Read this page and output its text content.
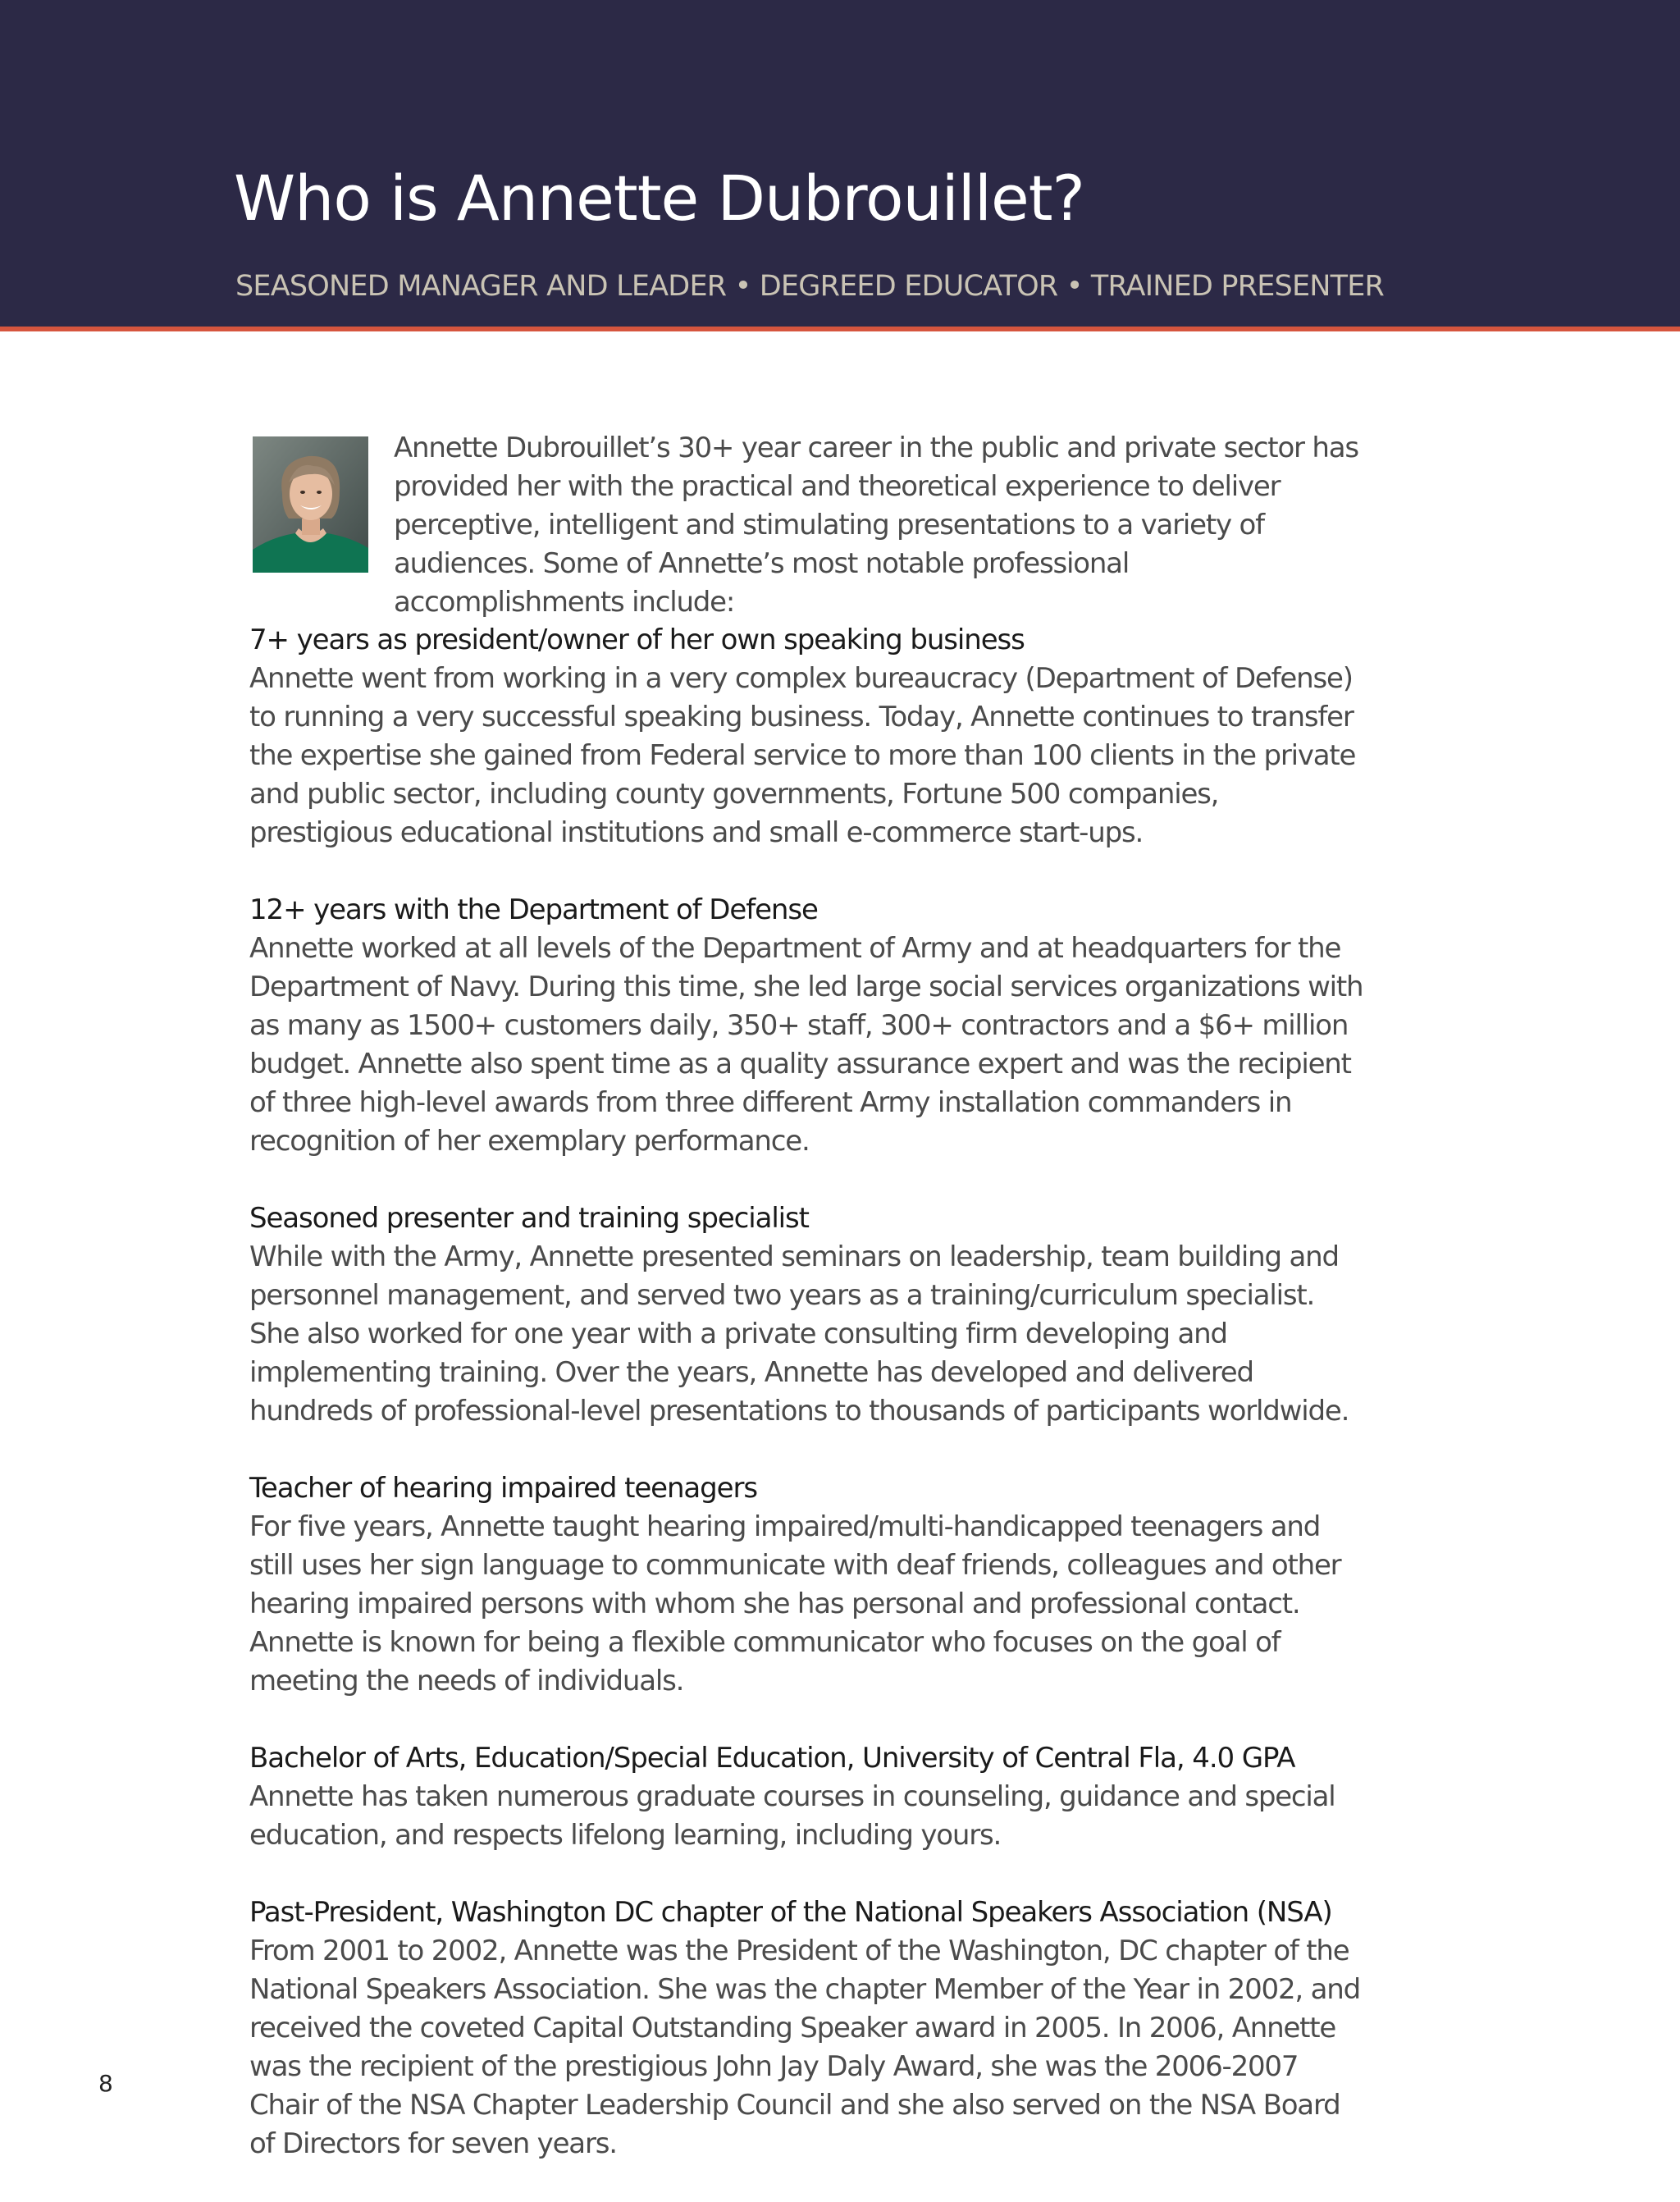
Who is Annette Dubrouillet?

SEASONED MANAGER AND LEADER • DEGREED EDUCATOR • TRAINED PRESENTER

Annette Dubrouillet’s 30+ year career in the public and private sector has provided her with the practical and theoretical experience to deliver perceptive, intelligent and stimulating presentations to a variety of audiences. Some of Annette’s most notable professional accomplishments include:

7+ years as president/owner of her own speaking business

Annette went from working in a very complex bureaucracy (Department of Defense) to running a very successful speaking business. Today, Annette continues to transfer the expertise she gained from Federal service to more than 100 clients in the private and public sector, including county governments, Fortune 500 companies, prestigious educational institutions and small e-commerce start-ups.

12+ years with the Department of Defense

Annette worked at all levels of the Department of Army and at headquarters for the Department of Navy. During this time, she led large social services organizations with as many as 1500+ customers daily, 350+ staff, 300+ contractors and a $6+ million budget. Annette also spent time as a quality assurance expert and was the recipient of three high-level awards from three different Army installation commanders in recognition of her exemplary performance.

Seasoned presenter and training specialist

While with the Army, Annette presented seminars on leadership, team building and personnel management, and served two years as a training/curriculum specialist. She also worked for one year with a private consulting firm developing and implementing training. Over the years, Annette has developed and delivered hundreds of professional-level presentations to thousands of participants worldwide.

Teacher of hearing impaired teenagers

For five years, Annette taught hearing impaired/multi-handicapped teenagers and still uses her sign language to communicate with deaf friends, colleagues and other hearing impaired persons with whom she has personal and professional contact. Annette is known for being a flexible communicator who focuses on the goal of meeting the needs of individuals.

Bachelor of Arts, Education/Special Education, University of Central Fla, 4.0 GPA

Annette has taken numerous graduate courses in counseling, guidance and special education, and respects lifelong learning, including yours.

Past-President, Washington DC chapter of the National Speakers Association (NSA)

From 2001 to 2002, Annette was the President of the Washington, DC chapter of the National Speakers Association. She was the chapter Member of the Year in 2002, and received the coveted Capital Outstanding Speaker award in 2005. In 2006, Annette was the recipient of the prestigious John Jay Daly Award, she was the 2006-2007 Chair of the NSA Chapter Leadership Council and she also served on the NSA Board of Directors for seven years.

8
